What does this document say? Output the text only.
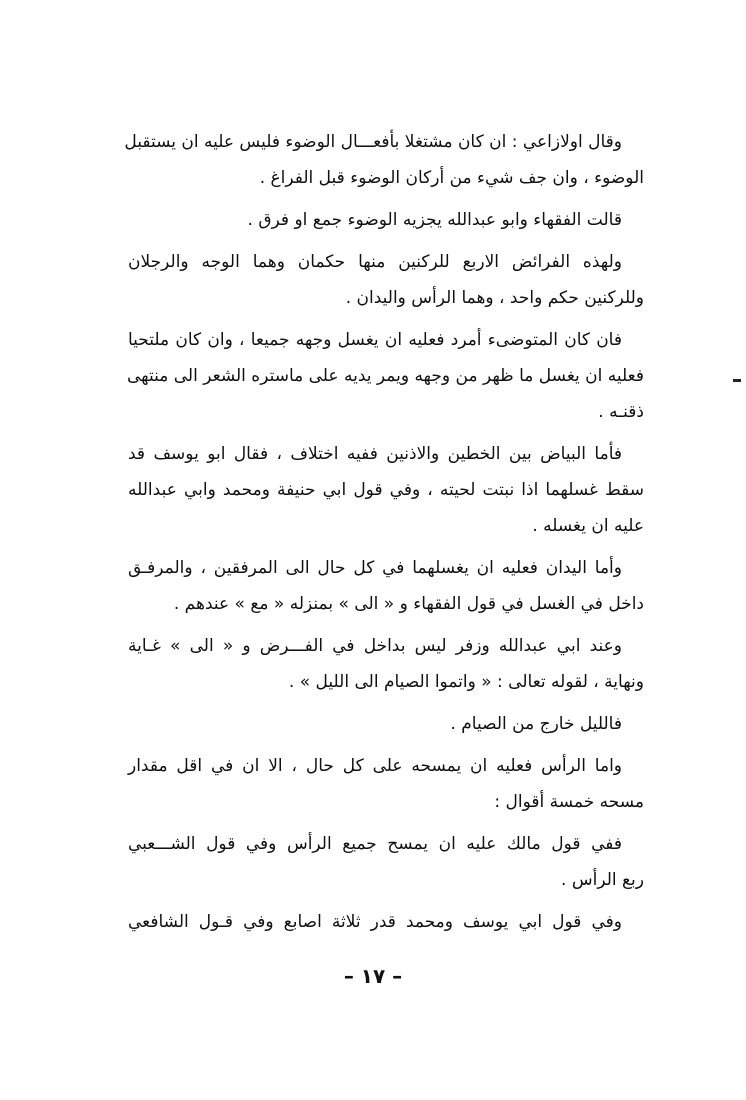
وقال اولازاعي : ان كان مشتغلا بأفعـــال الوضوء فليس عليه ان يستقبل
الوضوء ، وان جف شيء من أركان الوضوء قبل الفراغ .

قالت الفقهاء وابو عبدالله يجزيه الوضوء جمع او فرق .

ولهذه الفرائض الاربع للركنين منها حكمان وهما الوجه والرجلان
وللركنين حكم واحد ، وهما الرأس واليدان .

فان كان المتوضىء أمرد فعليه ان يغسل وجهه جميعا ، وان كان ملتحيا
فعليه ان يغسل ما ظهر من وجهه ويمر يديه على ماستره الشعر الى منتهى
ذقنـه .

فأما البياض بين الخطين والاذنين ففيه اختلاف ، فقال ابو يوسف قد
سقط غسلهما اذا نبتت لحيته ، وفي قول ابي حنيفة ومحمد وابي عبدالله
عليه ان يغسله .

وأما اليدان فعليه ان يغسلهما في كل حال الى المرفقين ، والمرفـق
داخل في الغسل في قول الفقهاء و « الى » بمنزله « مع » عندهم .

وعند ابي عبدالله وزفر ليس بداخل في الفـــرض و « الى » غـاية
ونهاية ، لقوله تعالى : « واتموا الصيام الى الليل » .

فالليل خارج من الصيام .

واما الرأس فعليه ان يمسحه على كل حال ، الا ان في اقل مقدار
مسحه خمسة أقوال :

ففي قول مالك عليه ان يمسح جميع الرأس وفي قول الشـــعبي
ربع الرأس .

وفي قول ابي يوسف ومحمد قدر ثلاثة اصابع وفي قـول الشافعي

– ١٧ –
